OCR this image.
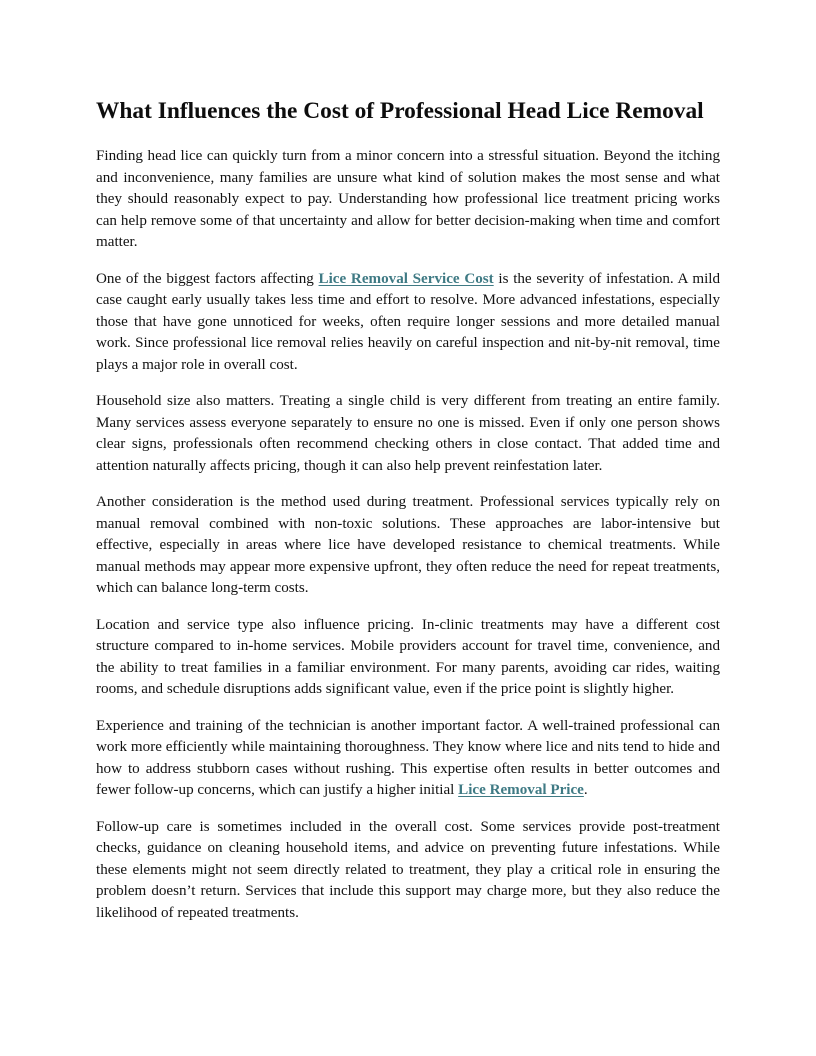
What Influences the Cost of Professional Head Lice Removal

Finding head lice can quickly turn from a minor concern into a stressful situation. Beyond the itching and inconvenience, many families are unsure what kind of solution makes the most sense and what they should reasonably expect to pay. Understanding how professional lice treatment pricing works can help remove some of that uncertainty and allow for better decision-making when time and comfort matter.

One of the biggest factors affecting Lice Removal Service Cost is the severity of infestation. A mild case caught early usually takes less time and effort to resolve. More advanced infestations, especially those that have gone unnoticed for weeks, often require longer sessions and more detailed manual work. Since professional lice removal relies heavily on careful inspection and nit-by-nit removal, time plays a major role in overall cost.

Household size also matters. Treating a single child is very different from treating an entire family. Many services assess everyone separately to ensure no one is missed. Even if only one person shows clear signs, professionals often recommend checking others in close contact. That added time and attention naturally affects pricing, though it can also help prevent reinfestation later.

Another consideration is the method used during treatment. Professional services typically rely on manual removal combined with non-toxic solutions. These approaches are labor-intensive but effective, especially in areas where lice have developed resistance to chemical treatments. While manual methods may appear more expensive upfront, they often reduce the need for repeat treatments, which can balance long-term costs.

Location and service type also influence pricing. In-clinic treatments may have a different cost structure compared to in-home services. Mobile providers account for travel time, convenience, and the ability to treat families in a familiar environment. For many parents, avoiding car rides, waiting rooms, and schedule disruptions adds significant value, even if the price point is slightly higher.

Experience and training of the technician is another important factor. A well-trained professional can work more efficiently while maintaining thoroughness. They know where lice and nits tend to hide and how to address stubborn cases without rushing. This expertise often results in better outcomes and fewer follow-up concerns, which can justify a higher initial Lice Removal Price.

Follow-up care is sometimes included in the overall cost. Some services provide post-treatment checks, guidance on cleaning household items, and advice on preventing future infestations. While these elements might not seem directly related to treatment, they play a critical role in ensuring the problem doesn’t return. Services that include this support may charge more, but they also reduce the likelihood of repeated treatments.
